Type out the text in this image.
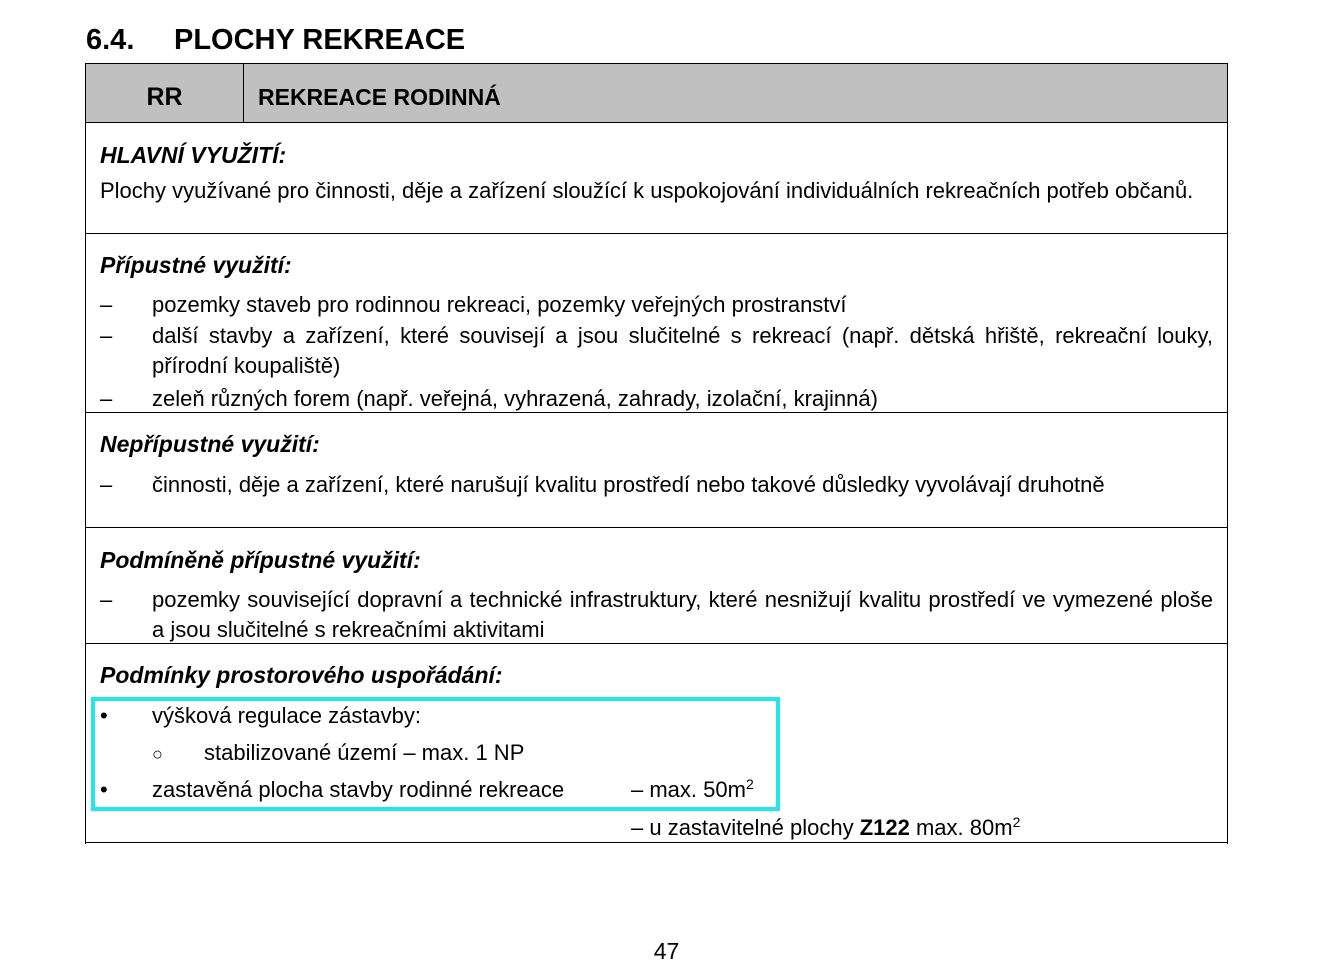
6.4. PLOCHY REKREACE
RR	REKREACE RODINNÁ
HLAVNÍ VYUŽITÍ:
Plochy využívané pro činnosti, děje a zařízení sloužící k uspokojování individuálních rekreačních potřeb občanů.
Přípustné využití:
– pozemky staveb pro rodinnou rekreaci, pozemky veřejných prostranství
– další stavby a zařízení, které souvisejí a jsou slučitelné s rekreací (např. dětská hřiště, rekreační louky, přírodní koupaliště)
– zeleň různých forem (např. veřejná, vyhrazená, zahrady, izolační, krajinná)
Nepřípustné využití:
– činnosti, děje a zařízení, které narušují kvalitu prostředí nebo takové důsledky vyvolávají druhotně
Podmíněně přípustné využití:
– pozemky související dopravní a technické infrastruktury, které nesnižují kvalitu prostředí ve vymezené ploše a jsou slučitelné s rekreačními aktivitami
Podmínky prostorového uspořádání:
• výšková regulace zástavby:
○ stabilizované území – max. 1 NP
• zastavěná plocha stavby rodinné rekreace	– max. $50m^2$
– u zastavitelné plochy Z122 max. $80m^2$
47
